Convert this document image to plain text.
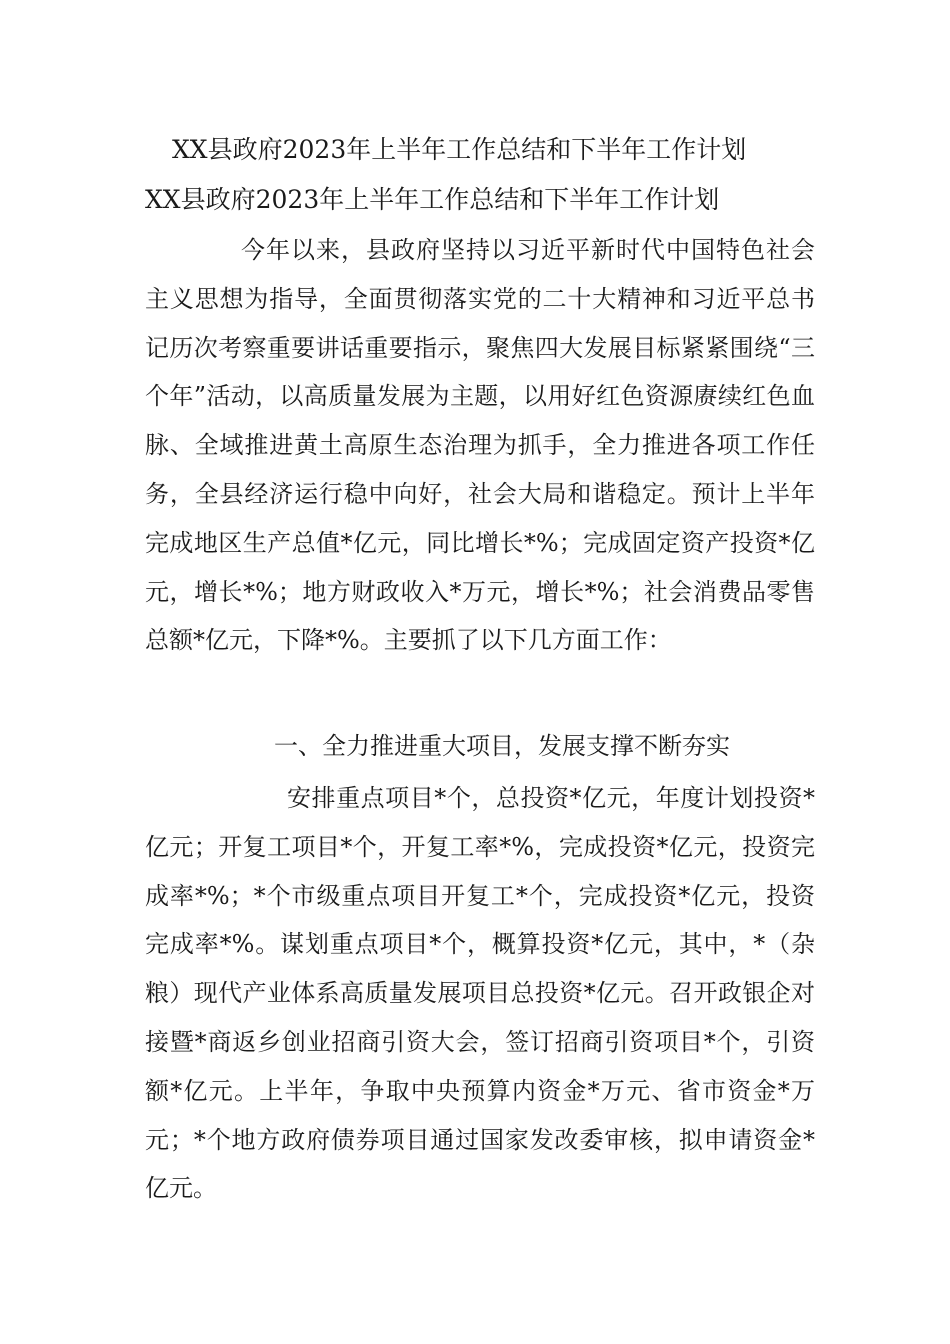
XX县政府2023年上半年工作总结和下半年工作计划
XX县政府2023年上半年工作总结和下半年工作计划

今年以来，县政府坚持以习近平新时代中国特色社会主义思想为指导，全面贯彻落实党的二十大精神和习近平总书记历次考察重要讲话重要指示，聚焦四大发展目标紧紧围绕“三个年”活动，以高质量发展为主题，以用好红色资源赓续红色血脉、全域推进黄土高原生态治理为抓手，全力推进各项工作任务，全县经济运行稳中向好，社会大局和谐稳定。预计上半年完成地区生产总值*亿元，同比增长*%；完成固定资产投资*亿元，增长*%；地方财政收入*万元，增长*%；社会消费品零售总额*亿元，下降*%。主要抓了以下几方面工作：

一、全力推进重大项目，发展支撑不断夯实

安排重点项目*个，总投资*亿元，年度计划投资*亿元；开复工项目*个，开复工率*%，完成投资*亿元，投资完成率*%；*个市级重点项目开复工*个，完成投资*亿元，投资完成率*%。谋划重点项目*个，概算投资*亿元，其中，*（杂粮）现代产业体系高质量发展项目总投资*亿元。召开政银企对接暨*商返乡创业招商引资大会，签订招商引资项目*个，引资额*亿元。上半年，争取中央预算内资金*万元、省市资金*万元；*个地方政府债券项目通过国家发改委审核，拟申请资金*亿元。
